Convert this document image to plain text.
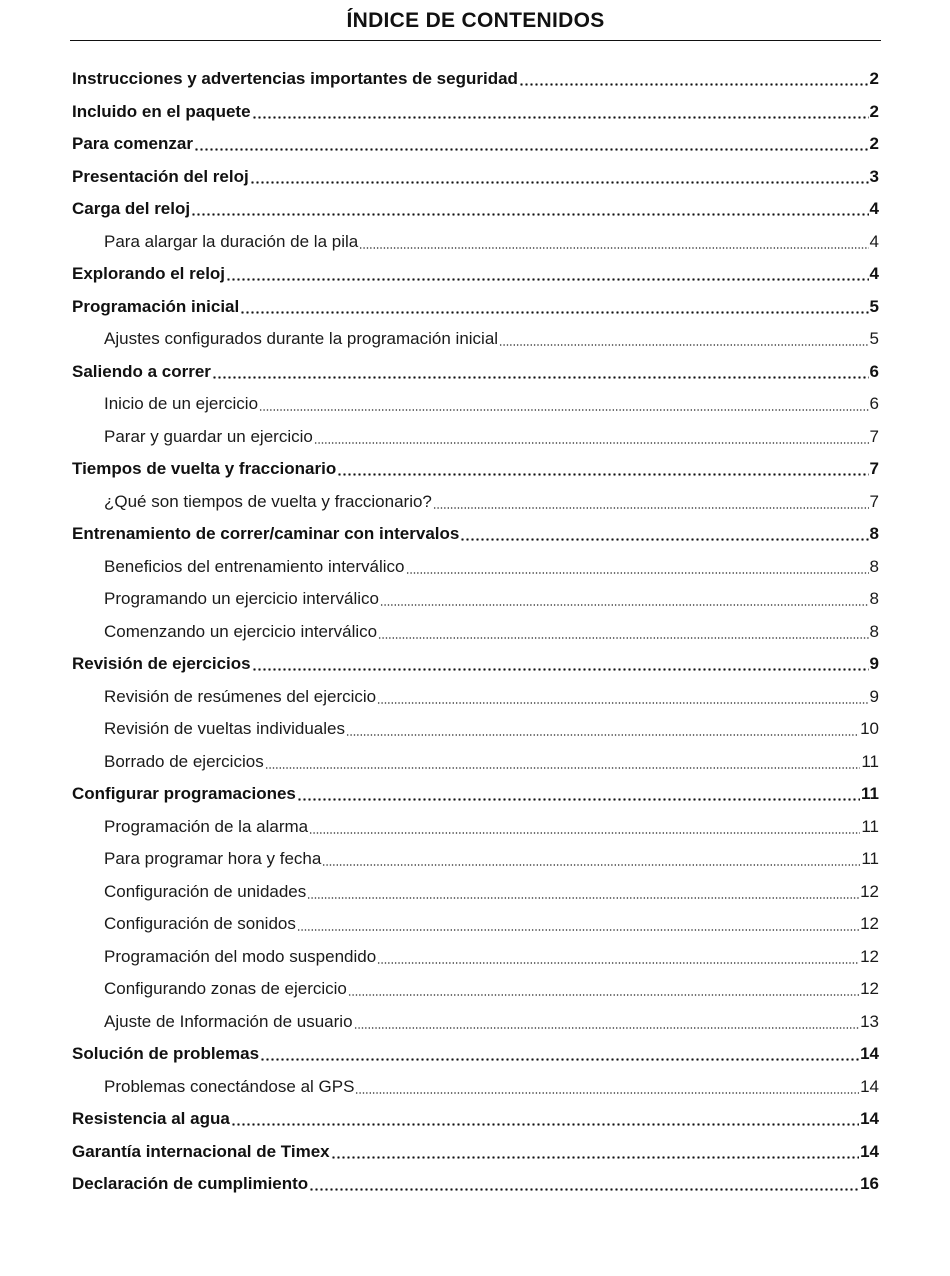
ÍNDICE DE CONTENIDOS
Instrucciones y advertencias importantes de seguridad	2
Incluido en el paquete	2
Para comenzar	2
Presentación del reloj	3
Carga del reloj	4
Para alargar la duración de la pila	4
Explorando el reloj	4
Programación inicial	5
Ajustes configurados durante la programación inicial	5
Saliendo a correr	6
Inicio de un ejercicio	6
Parar y guardar un ejercicio	7
Tiempos de vuelta y fraccionario	7
¿Qué son tiempos de vuelta y fraccionario?	7
Entrenamiento de correr/caminar con intervalos	8
Beneficios del entrenamiento interválico	8
Programando un ejercicio interválico	8
Comenzando un ejercicio interválico	8
Revisión de ejercicios	9
Revisión de resúmenes del ejercicio	9
Revisión de vueltas individuales	10
Borrado de ejercicios	11
Configurar programaciones	11
Programación de la alarma	11
Para programar hora y fecha	11
Configuración de unidades	12
Configuración de sonidos	12
Programación del modo suspendido	12
Configurando zonas de ejercicio	12
Ajuste de Información de usuario	13
Solución de problemas	14
Problemas conectándose al GPS	14
Resistencia al agua	14
Garantía internacional de Timex	14
Declaración de cumplimiento	16
